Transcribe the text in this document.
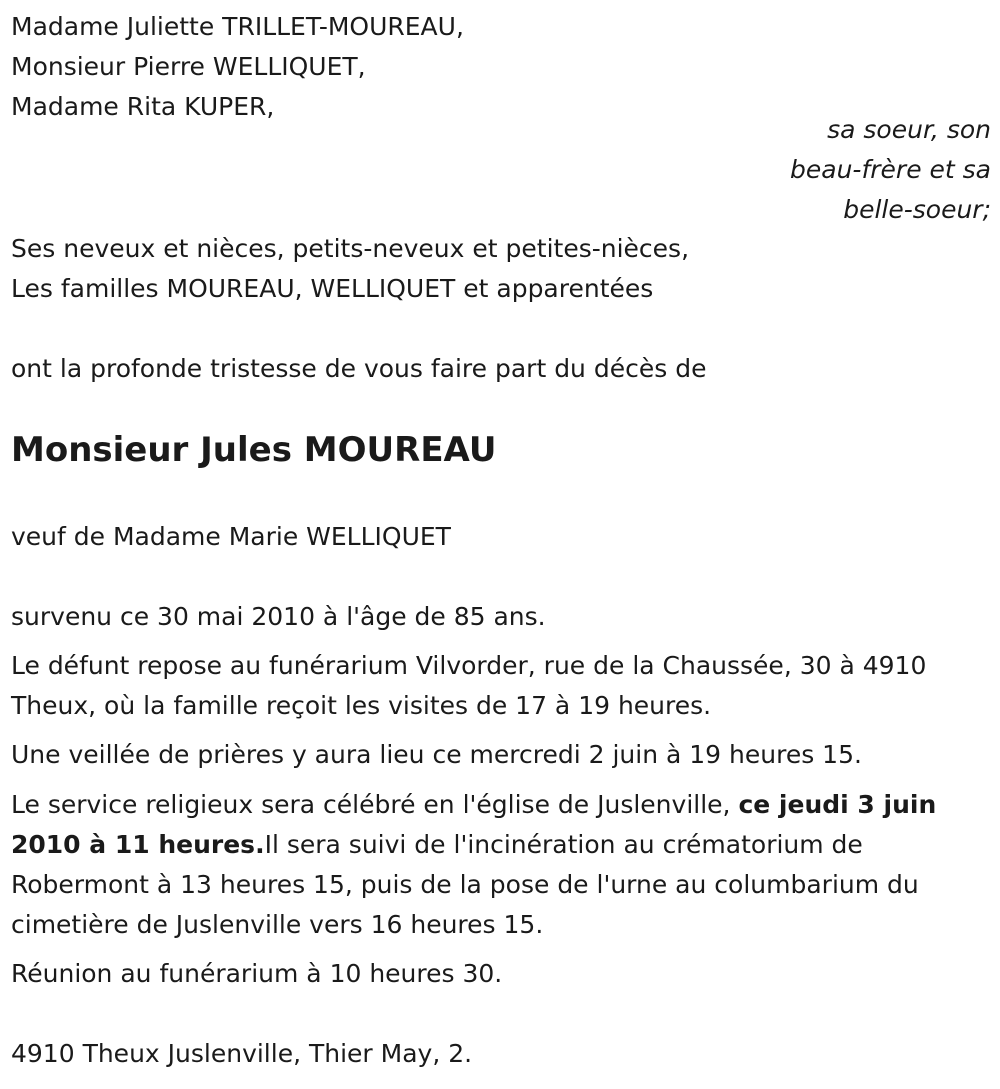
Madame Juliette TRILLET-MOUREAU,
Monsieur Pierre WELLIQUET,
Madame Rita KUPER,
sa soeur, son
beau-frère et sa
belle-soeur;
Ses neveux et nièces, petits-neveux et petites-nièces,
Les familles MOUREAU, WELLIQUET et apparentées
ont la profonde tristesse de vous faire part du décès de
Monsieur Jules MOUREAU
veuf de Madame Marie WELLIQUET
survenu ce 30 mai 2010 à l'âge de 85 ans.
Le défunt repose au funérarium Vilvorder, rue de la Chaussée, 30 à 4910
Theux, où la famille reçoit les visites de 17 à 19 heures.
Une veillée de prières y aura lieu ce mercredi 2 juin à 19 heures 15.
Le service religieux sera célébré en l'église de Juslenville, ce jeudi 3 juin
2010 à 11 heures.Il sera suivi de l'incinération au crématorium de
Robermont à 13 heures 15, puis de la pose de l'urne au columbarium du
cimetière de Juslenville vers 16 heures 15.
Réunion au funérarium à 10 heures 30.
4910 Theux Juslenville, Thier May, 2.
